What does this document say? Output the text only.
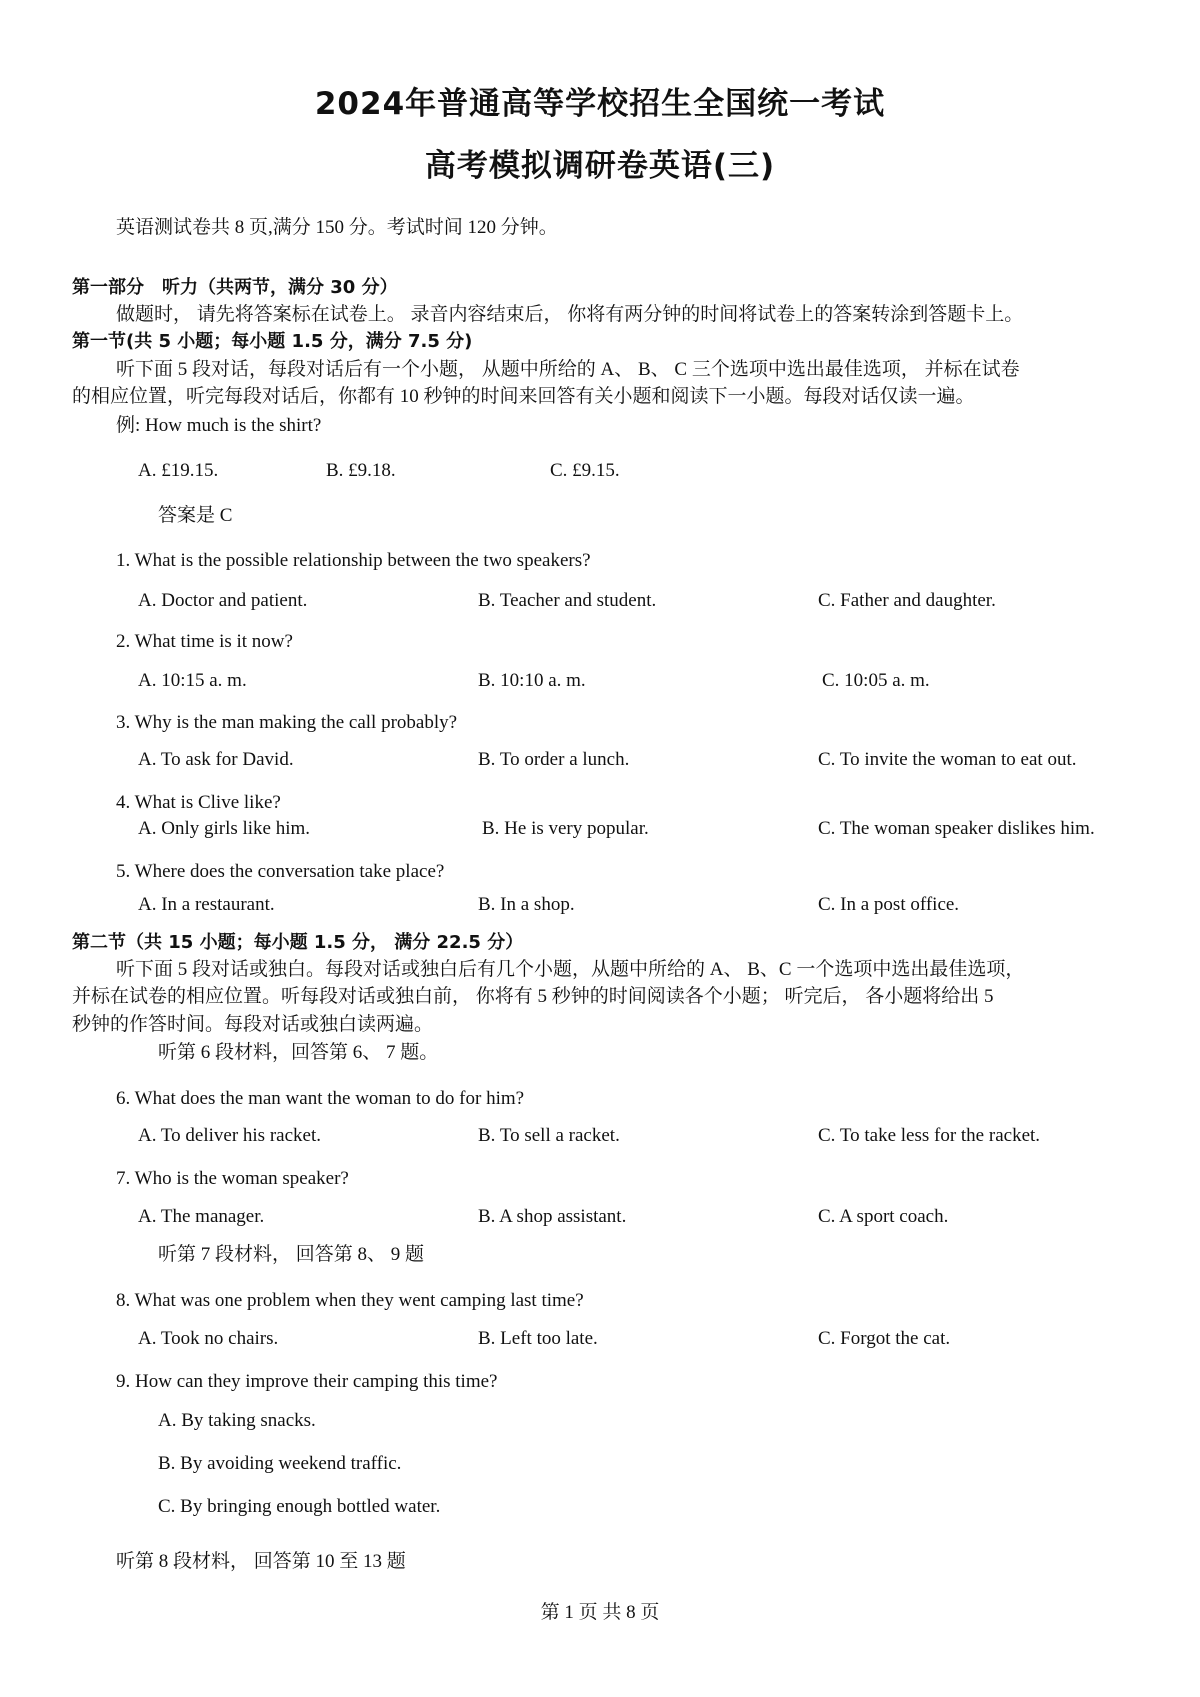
2024年普通高等学校招生全国统一考试
高考模拟调研卷英语(三)
英语测试卷共 8 页,满分 150 分。考试时间 120 分钟。
第一部分　听力（共两节，满分 30 分）
做题时， 请先将答案标在试卷上。 录音内容结束后， 你将有两分钟的时间将试卷上的答案转涂到答题卡上。
第一节(共 5 小题；每小题 1.5 分，满分 7.5 分)
听下面 5 段对话，每段对话后有一个小题， 从题中所给的 A、 B、 C 三个选项中选出最佳选项， 并标在试卷
的相应位置，听完每段对话后，你都有 10 秒钟的时间来回答有关小题和阅读下一小题。每段对话仅读一遍。
例: How much is the shirt?
A. £19.15.	B. £9.18.	C. £9.15.
答案是 C
1. What is the possible relationship between the two speakers?
A. Doctor and patient.	B. Teacher and student.	C. Father and daughter.
2. What time is it now?
A. 10:15 a. m.	B. 10:10 a. m.	C. 10:05 a. m.
3. Why is the man making the call probably?
A. To ask for David.	B. To order a lunch.	C. To invite the woman to eat out.
4. What is Clive like?
A. Only girls like him.	B. He is very popular.	C. The woman speaker dislikes him.
5. Where does the conversation take place?
A. In a restaurant.	B. In a shop.	C. In a post office.
第二节（共 15 小题；每小题 1.5 分， 满分 22.5 分）
听下面 5 段对话或独白。每段对话或独白后有几个小题，从题中所给的 A、 B、C 一个选项中选出最佳选项，
并标在试卷的相应位置。听每段对话或独白前， 你将有 5 秒钟的时间阅读各个小题； 听完后， 各小题将给出 5
秒钟的作答时间。每段对话或独白读两遍。
听第 6 段材料，回答第 6、 7 题。
6. What does the man want the woman to do for him?
A. To deliver his racket.	B. To sell a racket.	C. To take less for the racket.
7. Who is the woman speaker?
A. The manager.	B. A shop assistant.	C. A sport coach.
听第 7 段材料， 回答第 8、 9 题
8. What was one problem when they went camping last time?
A. Took no chairs.	B. Left too late.	C. Forgot the cat.
9. How can they improve their camping this time?
A. By taking snacks.
B. By avoiding weekend traffic.
C. By bringing enough bottled water.
听第 8 段材料， 回答第 10 至 13 题
第 1 页 共 8 页
